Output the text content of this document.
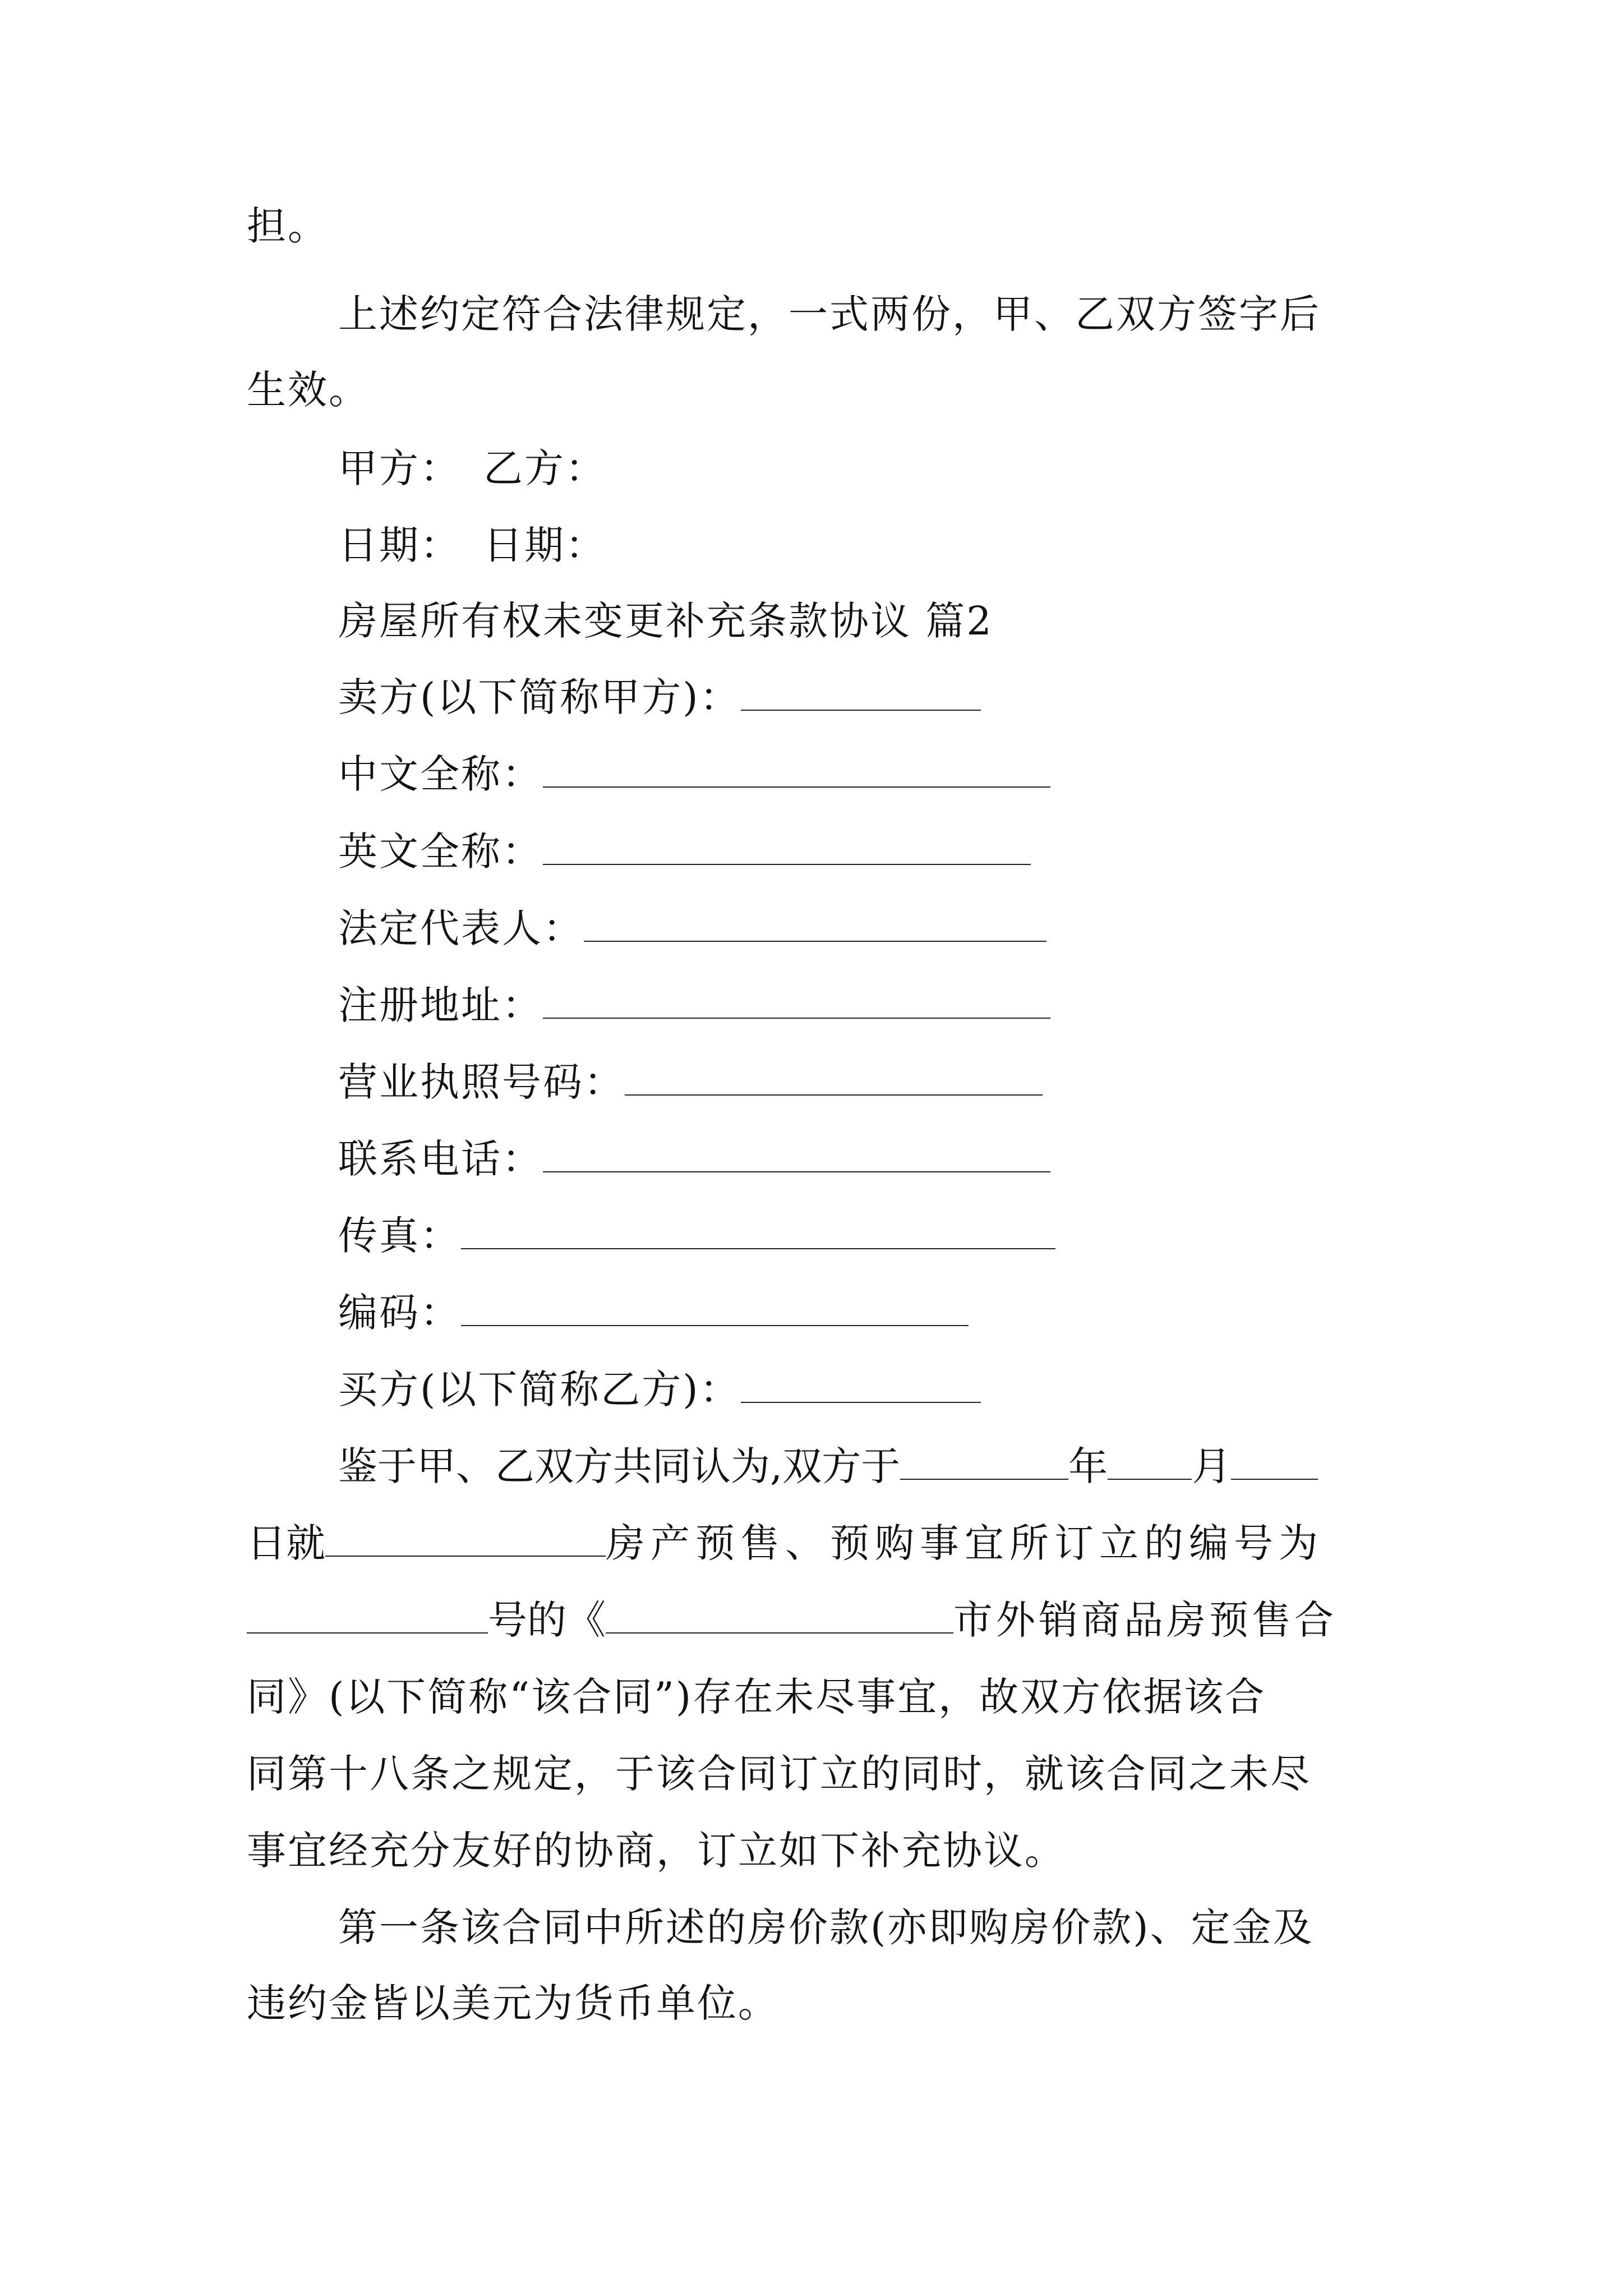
担。
上述约定符合法律规定，一式两份，甲、乙双方签字后
生效。
甲方： 乙方：
日期： 日期：
房屋所有权未变更补充条款协议 篇2
卖方(以下简称甲方)：
中文全称：
英文全称：
法定代表人：
注册地址：
营业执照号码：
联系电话：
传真：
编码：
买方(以下简称乙方)：
鉴于甲、乙双方共同认为,双方于	年 月
日就	房产预售、预购事宜所订立的编号为
号的《	市外销商品房预售合
同》(以下简称“该合同”)存在未尽事宜，故双方依据该合
同第十八条之规定，于该合同订立的同时，就该合同之未尽
事宜经充分友好的协商，订立如下补充协议。
第一条该合同中所述的房价款(亦即购房价款)、定金及
违约金皆以美元为货币单位。
